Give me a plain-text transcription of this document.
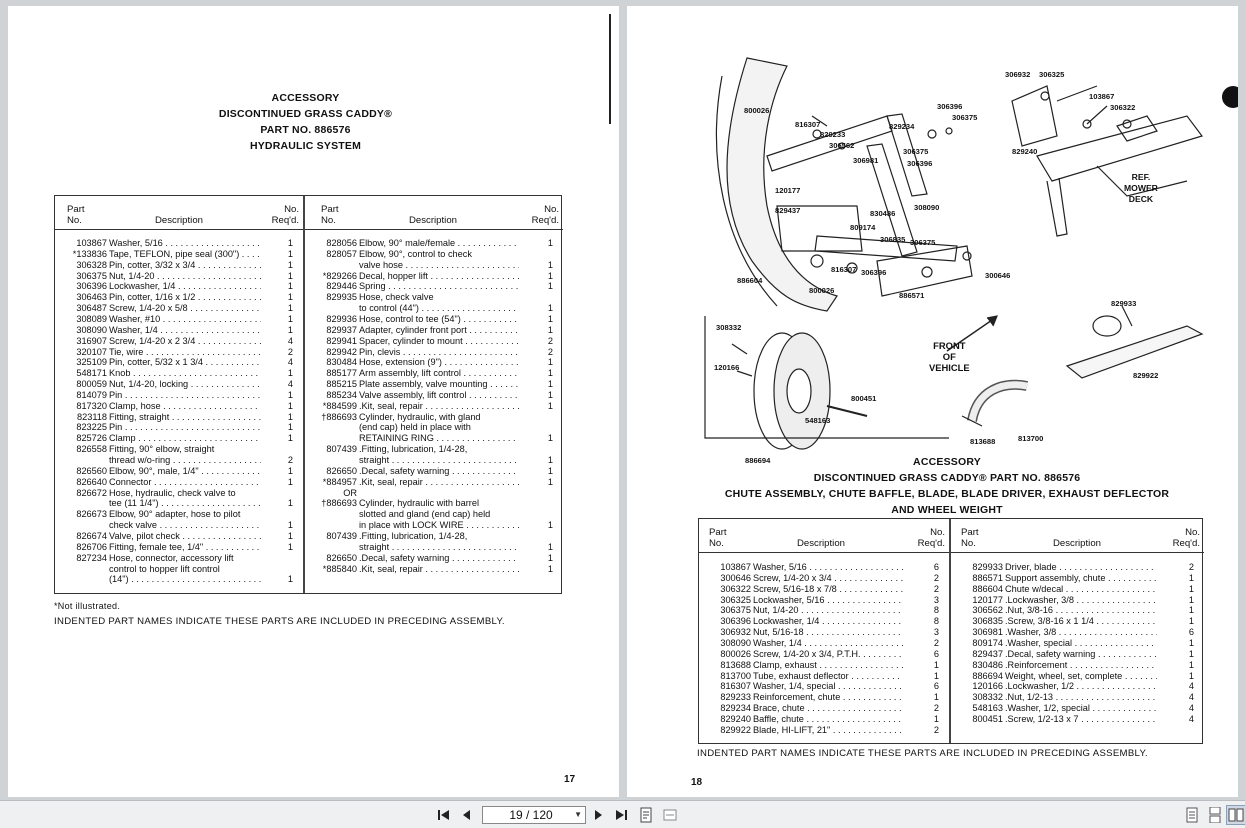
ACCESSORY
DISCONTINUED GRASS CADDY®
PART NO. 886576
HYDRAULIC SYSTEM
Part
No.	Description
No.
Req'd.
103867 Washer, 5/16 . . .	1
*133836 Tape, TEFLON, pipe seal (300") . . .	1
306328 Pin, cotter, 3/32 x 3/4 . . .	1
306375 Nut, 1/4-20 . . .	1
306396 Lockwasher, 1/4 . . .	1
306463 Pin, cotter, 1/16 x 1/2 . . .	1
306487 Screw, 1/4-20 x 5/8 . . .	1
308089 Washer, #10 . . .	1
308090 Washer, 1/4 . . .	1
316907 Screw, 1/4-20 x 2 3/4 . . .	4
320107 Tie, wire . . .	2
325109 Pin, cotter, 5/32 x 1 3/4 . . .	4
548171 Knob . . .	1
800059 Nut, 1/4-20, locking . . .	4
814079 Pin . . .	1
817320 Clamp, hose . . .	1
823118 Fitting, straight . . .	1
823225 Pin . . .	1
825726 Clamp . . .	1
826558 Fitting, 90° elbow, straight
thread w/o-ring . . .	2
826560 Elbow, 90°, male, 1/4" . . .	1
826640 Connector . . .	1
826672 Hose, hydraulic, check valve to
tee (11 1/4") . . .	1
826673 Elbow, 90° adapter, hose to pilot
check valve . . .	1
826674 Valve, pilot check . . .	1
826706 Fitting, female tee, 1/4" . . .	1
827234 Hose, connector, accessory lift
control to hopper lift control
(14") . . .	1
Part
No.	Description
No.
Req'd.
828056 Elbow, 90° male/female . . .	1
828057 Elbow, 90°, control to check
valve hose . . .	1
*829266 Decal, hopper lift . . .	1
829446 Spring . . .	1
829935 Hose, check valve
to control (44") . . .	1
829936 Hose, control to tee (54") . . .	1
829937 Adapter, cylinder front port . . .	1
829941 Spacer, cylinder to mount . . .	2
829942 Pin, clevis . . .	2
830484 Hose, extension (9") . . .	1
885177 Arm assembly, lift control . . .	1
885215 Plate assembly, valve mounting . . .	1
885234 Valve assembly, lift control . . .	1
*884599 .Kit, seal, repair . . .	1
†886693 Cylinder, hydraulic, with gland
(end cap) held in place with
RETAINING RING . . .	1
807439 .Fitting, lubrication, 1/4-28,
straight . . .	1
826650 .Decal, safety warning . . .	1
*884957 .Kit, seal, repair . . .	1
OR
†886693 Cylinder, hydraulic with barrel
slotted and gland (end cap) held
in place with LOCK WIRE . . .	1
807439 .Fitting, lubrication, 1/4-28,
straight . . .	1
826650 .Decal, safety warning . . .	1
*885840 .Kit, seal, repair . . .	1
*Not illustrated.
INDENTED PART NAMES INDICATE THESE PARTS ARE INCLUDED IN PRECEDING ASSEMBLY.
17
306932 306325
103867
306322
800026
816307
829233
306562
306396
306375
829234
306375
306981	306396
829240
120177
829437	830486
308090
809174
306835 306375
816307 306396
886604
800026
886571
300646
308332
829933
120166
800451
548163
829922
813688	813700
886694
REF.
MOWER
DECK
FRONT
OF
VEHICLE
ACCESSORY
DISCONTINUED GRASS CADDY® PART NO. 886576
CHUTE ASSEMBLY, CHUTE BAFFLE, BLADE, BLADE DRIVER, EXHAUST DEFLECTOR
AND WHEEL WEIGHT
Part
No.	Description
No.
Req'd.
103867 Washer, 5/16 . . .	6
300646 Screw, 1/4-20 x 3/4 . . .	2
306322 Screw, 5/16-18 x 7/8 . . .	2
306325 Lockwasher, 5/16 . . .	3
306375 Nut, 1/4-20 . . .	8
306396 Lockwasher, 1/4 . . .	8
306932 Nut, 5/16-18 . . .	3
308090 Washer, 1/4 . . .	2
800026 Screw, 1/4-20 x 3/4, P.T.H. . . .	6
813688 Clamp, exhaust . . .	1
813700 Tube, exhaust deflector . . .	1
816307 Washer, 1/4, special . . .	6
829233 Reinforcement, chute . . .	1
829234 Brace, chute . . .	2
829240 Baffle, chute . . .	1
829922 Blade, HI-LIFT, 21" . . .	2
Part
No.	Description
No.
Req'd.
829933 Driver, blade . . .	2
886571 Support assembly, chute . . .	1
886604 Chute w/decal . . .	1
120177 .Lockwasher, 3/8 . . .	1
306562 .Nut, 3/8-16 . . .	1
306835 .Screw, 3/8-16 x 1 1/4 . . .	1
306981 .Washer, 3/8 . . .	6
809174 .Washer, special . . .	1
829437 .Decal, safety warning . . .	1
830486 .Reinforcement . . .	1
886694 Weight, wheel, set, complete . . .	1
120166 .Lockwasher, 1/2 . . .	4
308332 .Nut, 1/2-13 . . .	4
548163 .Washer, 1/2, special . . .	4
800451 .Screw, 1/2-13 x 7 . . .	4
INDENTED PART NAMES INDICATE THESE PARTS ARE INCLUDED IN PRECEDING ASSEMBLY.
18
19 / 120	▼
